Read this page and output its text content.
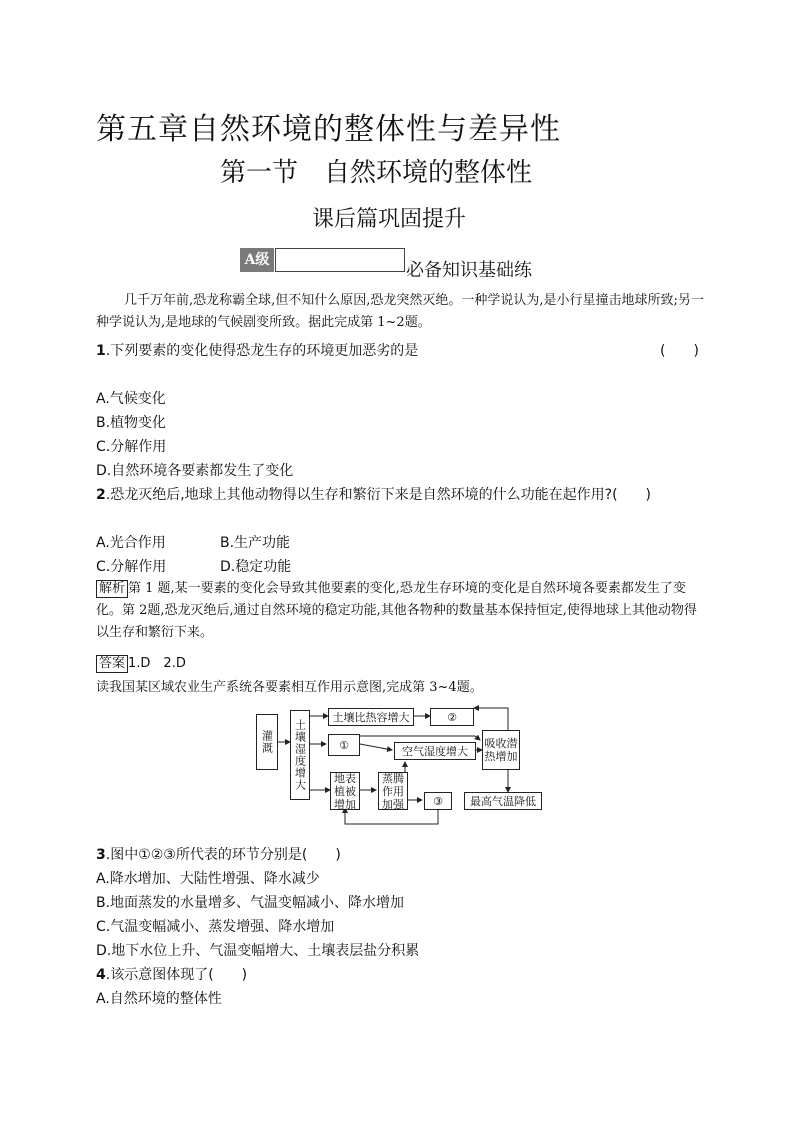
第五章自然环境的整体性与差异性
第一节　自然环境的整体性
课后篇巩固提升
A级	必备知识基础练
几千万年前,恐龙称霸全球,但不知什么原因,恐龙突然灭绝。一种学说认为,是小行星撞击地球所致;另一种学说认为,是地球的气候剧变所致。据此完成第 1~2题。
1.下列要素的变化使得恐龙生存的环境更加恶劣的是	(　　)
A.气候变化
B.植物变化
C.分解作用
D.自然环境各要素都发生了变化
2.恐龙灭绝后,地球上其他动物得以生存和繁衍下来是自然环境的什么功能在起作用?(　　)
A.光合作用	B.生产功能
C.分解作用	D.稳定功能
解析 第 1 题,某一要素的变化会导致其他要素的变化,恐龙生存环境的变化是自然环境各要素都发生了变化。第 2题,恐龙灭绝后,通过自然环境的稳定功能,其他各物种的数量基本保持恒定,使得地球上其他动物得以生存和繁衍下来。
答案 1.D　2.D
读我国某区域农业生产系统各要素相互作用示意图,完成第 3~4题。
灌溉	土壤湿度增大
土壤比热容增大	②
①	空气湿度增大
吸收潜热增加
地表植被增加
蒸腾作用加强	③	最高气温降低
3.图中①②③所代表的环节分别是(　　)
A.降水增加、大陆性增强、降水减少
B.地面蒸发的水量增多、气温变幅减小、降水增加
C.气温变幅减小、蒸发增强、降水增加
D.地下水位上升、气温变幅增大、土壤表层盐分积累
4.该示意图体现了(　　)
A.自然环境的整体性
